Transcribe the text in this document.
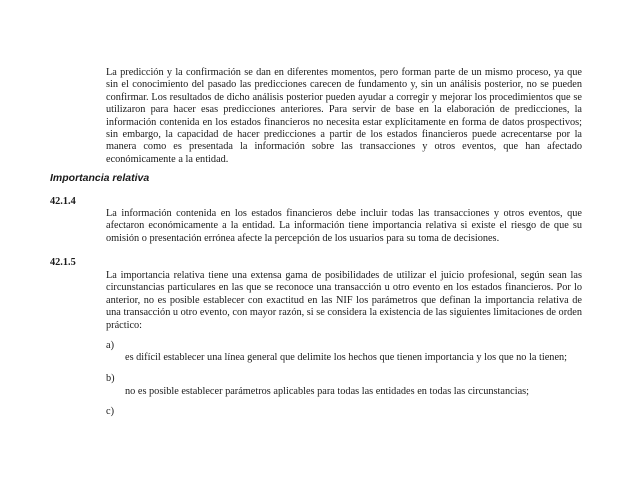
La predicción y la confirmación se dan en diferentes momentos, pero forman parte de un mismo proceso, ya que sin el conocimiento del pasado las predicciones carecen de fundamento y, sin un análisis posterior, no se pueden confirmar. Los resultados de dicho análisis posterior pueden ayudar a corregir y mejorar los procedimientos que se utilizaron para hacer esas predicciones anteriores. Para servir de base en la elaboración de predicciones, la información contenida en los estados financieros no necesita estar explícitamente en forma de datos prospectivos; sin embargo, la capacidad de hacer predicciones a partir de los estados financieros puede acrecentarse por la manera como es presentada la información sobre las transacciones y otros eventos, que han afectado económicamente a la entidad.

Importancia relativa

42.1.4

La información contenida en los estados financieros debe incluir todas las transacciones y otros eventos, que afectaron económicamente a la entidad. La información tiene importancia relativa si existe el riesgo de que su omisión o presentación errónea afecte la percepción de los usuarios para su toma de decisiones.

42.1.5

La importancia relativa tiene una extensa gama de posibilidades de utilizar el juicio profesional, según sean las circunstancias particulares en las que se reconoce una transacción u otro evento en los estados financieros. Por lo anterior, no es posible establecer con exactitud en las NIF los parámetros que definan la importancia relativa de una transacción u otro evento, con mayor razón, si se considera la existencia de las siguientes limitaciones de orden práctico:

a)

es difícil establecer una línea general que delimite los hechos que tienen importancia y los que no la tienen;

b)

no es posible establecer parámetros aplicables para todas las entidades en todas las circunstancias;

c)
